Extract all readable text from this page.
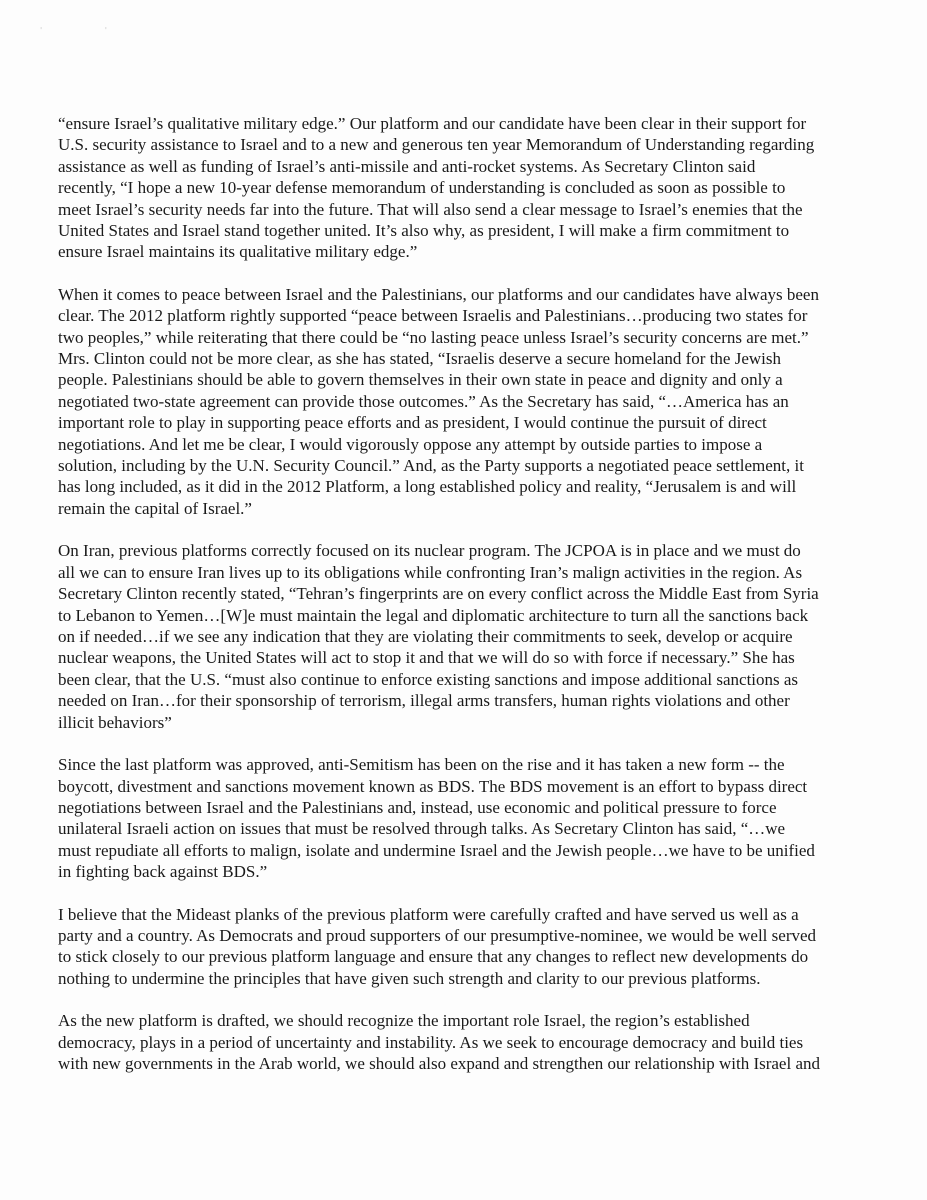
' '
“ensure Israel’s qualitative military edge.” Our platform and our candidate have been clear in their support for
U.S. security assistance to Israel and to a new and generous ten year Memorandum of Understanding regarding
assistance as well as funding of Israel’s anti-missile and anti-rocket systems. As Secretary Clinton said
recently, “I hope a new 10-year defense memorandum of understanding is concluded as soon as possible to
meet Israel’s security needs far into the future. That will also send a clear message to Israel’s enemies that the
United States and Israel stand together united. It’s also why, as president, I will make a firm commitment to
ensure Israel maintains its qualitative military edge.”
When it comes to peace between Israel and the Palestinians, our platforms and our candidates have always been
clear. The 2012 platform rightly supported “peace between Israelis and Palestinians…producing two states for
two peoples,” while reiterating that there could be “no lasting peace unless Israel’s security concerns are met.”
Mrs. Clinton could not be more clear, as she has stated, “Israelis deserve a secure homeland for the Jewish
people. Palestinians should be able to govern themselves in their own state in peace and dignity and only a
negotiated two-state agreement can provide those outcomes.” As the Secretary has said, “…America has an
important role to play in supporting peace efforts and as president, I would continue the pursuit of direct
negotiations. And let me be clear, I would vigorously oppose any attempt by outside parties to impose a
solution, including by the U.N. Security Council.” And, as the Party supports a negotiated peace settlement, it
has long included, as it did in the 2012 Platform, a long established policy and reality, “Jerusalem is and will
remain the capital of Israel.”
On Iran, previous platforms correctly focused on its nuclear program. The JCPOA is in place and we must do
all we can to ensure Iran lives up to its obligations while confronting Iran’s malign activities in the region. As
Secretary Clinton recently stated, “Tehran’s fingerprints are on every conflict across the Middle East from Syria
to Lebanon to Yemen…[W]e must maintain the legal and diplomatic architecture to turn all the sanctions back
on if needed…if we see any indication that they are violating their commitments to seek, develop or acquire
nuclear weapons, the United States will act to stop it and that we will do so with force if necessary.” She has
been clear, that the U.S. “must also continue to enforce existing sanctions and impose additional sanctions as
needed on Iran…for their sponsorship of terrorism, illegal arms transfers, human rights violations and other
illicit behaviors”
Since the last platform was approved, anti-Semitism has been on the rise and it has taken a new form -- the
boycott, divestment and sanctions movement known as BDS. The BDS movement is an effort to bypass direct
negotiations between Israel and the Palestinians and, instead, use economic and political pressure to force
unilateral Israeli action on issues that must be resolved through talks. As Secretary Clinton has said, “…we
must repudiate all efforts to malign, isolate and undermine Israel and the Jewish people…we have to be unified
in fighting back against BDS.”
I believe that the Mideast planks of the previous platform were carefully crafted and have served us well as a
party and a country. As Democrats and proud supporters of our presumptive-nominee, we would be well served
to stick closely to our previous platform language and ensure that any changes to reflect new developments do
nothing to undermine the principles that have given such strength and clarity to our previous platforms.
As the new platform is drafted, we should recognize the important role Israel, the region’s established
democracy, plays in a period of uncertainty and instability. As we seek to encourage democracy and build ties
with new governments in the Arab world, we should also expand and strengthen our relationship with Israel and
